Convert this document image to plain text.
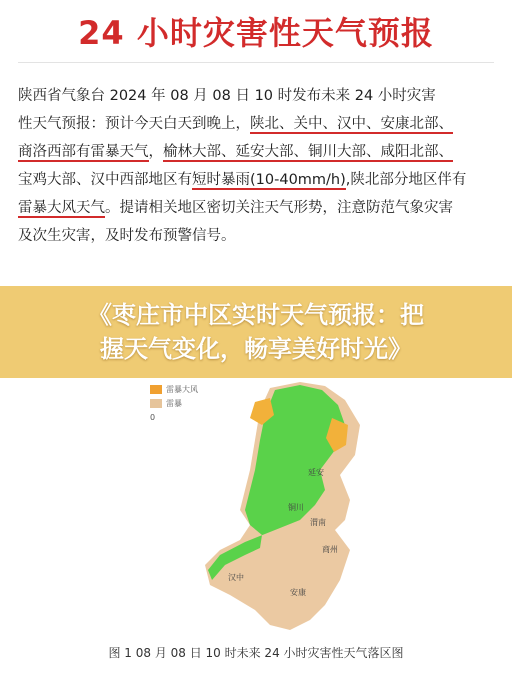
24 小时灾害性天气预报
陕西省气象台 2024 年 08 月 08 日 10 时发布未来 24 小时灾害
性天气预报：预计今天白天到晚上，陕北、关中、汉中、安康北部、
商洛西部有雷暴天气，榆林大部、延安大部、铜川大部、咸阳北部、
宝鸡大部、汉中西部地区有短时暴雨(10-40mm/h),陕北部分地区伴有
雷暴大风天气。提请相关地区密切关注天气形势，注意防范气象灾害
及次生灾害，及时发布预警信号。
延安
铜川
渭南
汉中
商州
安康
雷暴大风
雷暴
0
《枣庄市中区实时天气预报：把
握天气变化，畅享美好时光》
图 1 08 月 08 日 10 时未来 24 小时灾害性天气落区图
